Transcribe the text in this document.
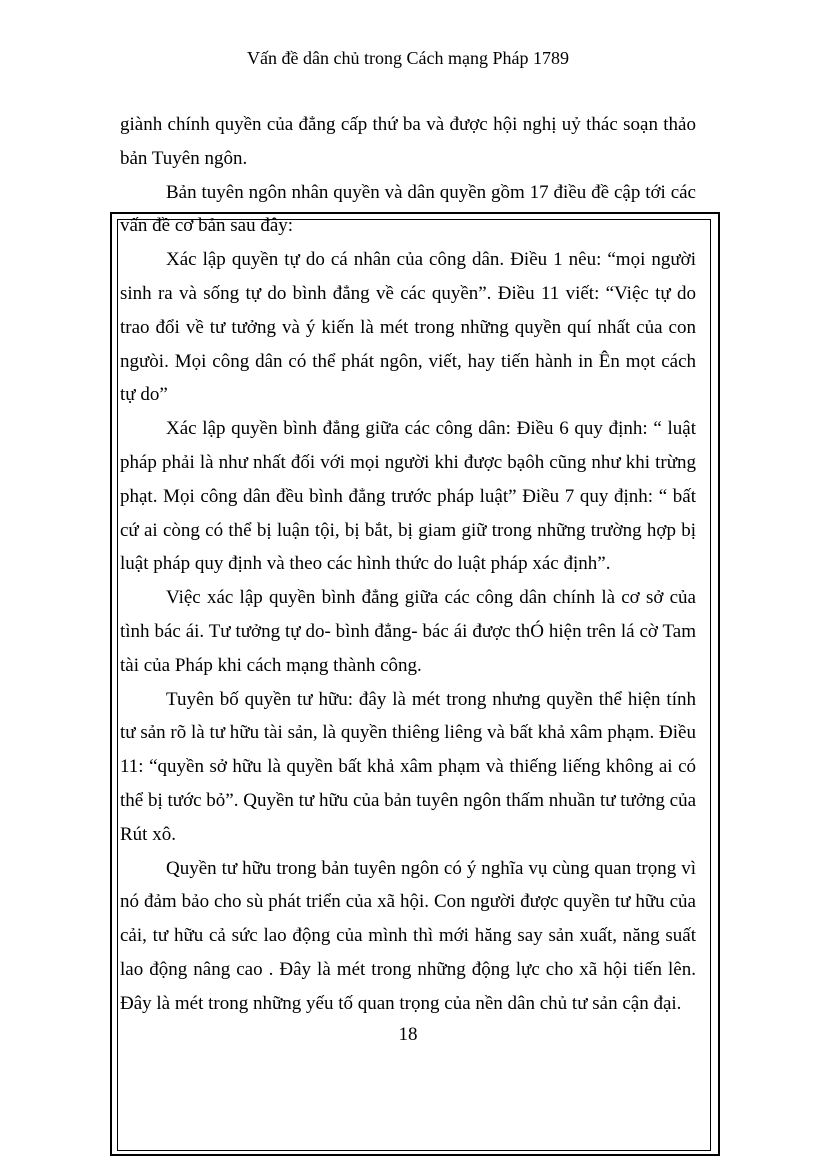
Vấn đề dân chủ trong Cách mạng Pháp 1789

giành chính quyền của đẳng cấp thứ ba và được hội nghị uỷ thác soạn thảo bản Tuyên ngôn.

Bản tuyên ngôn nhân quyền và dân quyền gồm 17 điều đề cập tới các vấn đề cơ bản sau đây:

Xác lập quyền tự do cá nhân của công dân. Điều 1 nêu: “mọi người sinh ra và sống tự do bình đẳng về các quyền”. Điều 11 viết: “Việc tự do trao đổi về tư tưởng và ý kiến là mét trong những quyền quí nhất của con ngưòi. Mọi công dân có thể phát ngôn, viết, hay tiến hành in Ên mọt cách tự do”

Xác lập quyền bình đẳng giữa các công dân: Điều 6 quy định: “ luật pháp phải là như nhất đối với mọi người khi được bạôh cũng như khi trừng phạt. Mọi công dân đều bình đẳng trước pháp luật” Điều 7 quy định: “ bất cứ ai còng có thể bị luận tội, bị bắt, bị giam giữ trong những trường hợp bị luật pháp quy định và theo các hình thức do luật pháp xác định”.

Việc xác lập quyền bình đẳng giữa các công dân chính là cơ sở của tình bác ái. Tư tưởng tự do- bình đẳng- bác ái được thÓ hiện trên lá cờ Tam tài của Pháp khi cách mạng thành công.

Tuyên bố quyền tư hữu: đây là mét trong nhưng quyền thể hiện tính tư sản rõ là tư hữu tài sản, là quyền thiêng liêng và bất khả xâm phạm. Điều 11: “quyền sở hữu là quyền bất khả xâm phạm và thiếng liếng không ai có thể bị tước bỏ”. Quyền tư hữu của bản tuyên ngôn thấm nhuần tư tưởng của Rút xô.

Quyền tư hữu trong bản tuyên ngôn có ý nghĩa vụ cùng quan trọng vì nó đảm bảo cho sù phát triển của xã hội. Con người được quyền tư hữu của cải, tư hữu cả sức lao động của mình thì mới hăng say sản xuất, năng suất lao động nâng cao . Đây là mét trong những động lực cho xã hội tiến lên. Đây là mét trong những yếu tố quan trọng của nền dân chủ tư sản cận đại.

18
